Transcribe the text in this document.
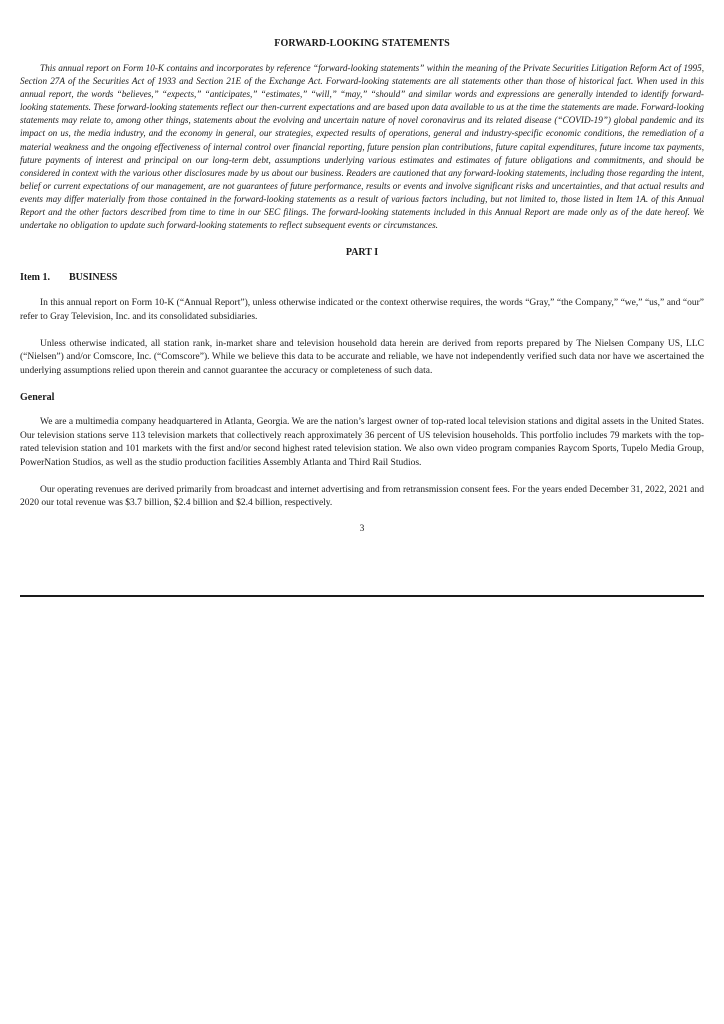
FORWARD-LOOKING STATEMENTS

This annual report on Form 10-K contains and incorporates by reference “forward-looking statements” within the meaning of the Private Securities Litigation Reform Act of 1995, Section 27A of the Securities Act of 1933 and Section 21E of the Exchange Act. Forward-looking statements are all statements other than those of historical fact. When used in this annual report, the words “believes,” “expects,” “anticipates,” “estimates,” “will,” “may,” “should” and similar words and expressions are generally intended to identify forward-looking statements. These forward-looking statements reflect our then-current expectations and are based upon data available to us at the time the statements are made. Forward-looking statements may relate to, among other things, statements about the evolving and uncertain nature of novel coronavirus and its related disease (“COVID-19”) global pandemic and its impact on us, the media industry, and the economy in general, our strategies, expected results of operations, general and industry-specific economic conditions, the remediation of a material weakness and the ongoing effectiveness of internal control over financial reporting, future pension plan contributions, future capital expenditures, future income tax payments, future payments of interest and principal on our long-term debt, assumptions underlying various estimates and estimates of future obligations and commitments, and should be considered in context with the various other disclosures made by us about our business. Readers are cautioned that any forward-looking statements, including those regarding the intent, belief or current expectations of our management, are not guarantees of future performance, results or events and involve significant risks and uncertainties, and that actual results and events may differ materially from those contained in the forward-looking statements as a result of various factors including, but not limited to, those listed in Item 1A. of this Annual Report and the other factors described from time to time in our SEC filings. The forward-looking statements included in this Annual Report are made only as of the date hereof. We undertake no obligation to update such forward-looking statements to reflect subsequent events or circumstances.

PART I
Item 1.	BUSINESS

In this annual report on Form 10-K (“Annual Report”), unless otherwise indicated or the context otherwise requires, the words “Gray,” “the Company,” “we,” “us,” and “our” refer to Gray Television, Inc. and its consolidated subsidiaries.

Unless otherwise indicated, all station rank, in-market share and television household data herein are derived from reports prepared by The Nielsen Company US, LLC (“Nielsen”) and/or Comscore, Inc. (“Comscore”). While we believe this data to be accurate and reliable, we have not independently verified such data nor have we ascertained the underlying assumptions relied upon therein and cannot guarantee the accuracy or completeness of such data.

General

We are a multimedia company headquartered in Atlanta, Georgia. We are the nation’s largest owner of top-rated local television stations and digital assets in the United States. Our television stations serve 113 television markets that collectively reach approximately 36 percent of US television households. This portfolio includes 79 markets with the top-rated television station and 101 markets with the first and/or second highest rated television station. We also own video program companies Raycom Sports, Tupelo Media Group, PowerNation Studios, as well as the studio production facilities Assembly Atlanta and Third Rail Studios.

Our operating revenues are derived primarily from broadcast and internet advertising and from retransmission consent fees. For the years ended December 31, 2022, 2021 and 2020 our total revenue was $3.7 billion, $2.4 billion and $2.4 billion, respectively.

3
